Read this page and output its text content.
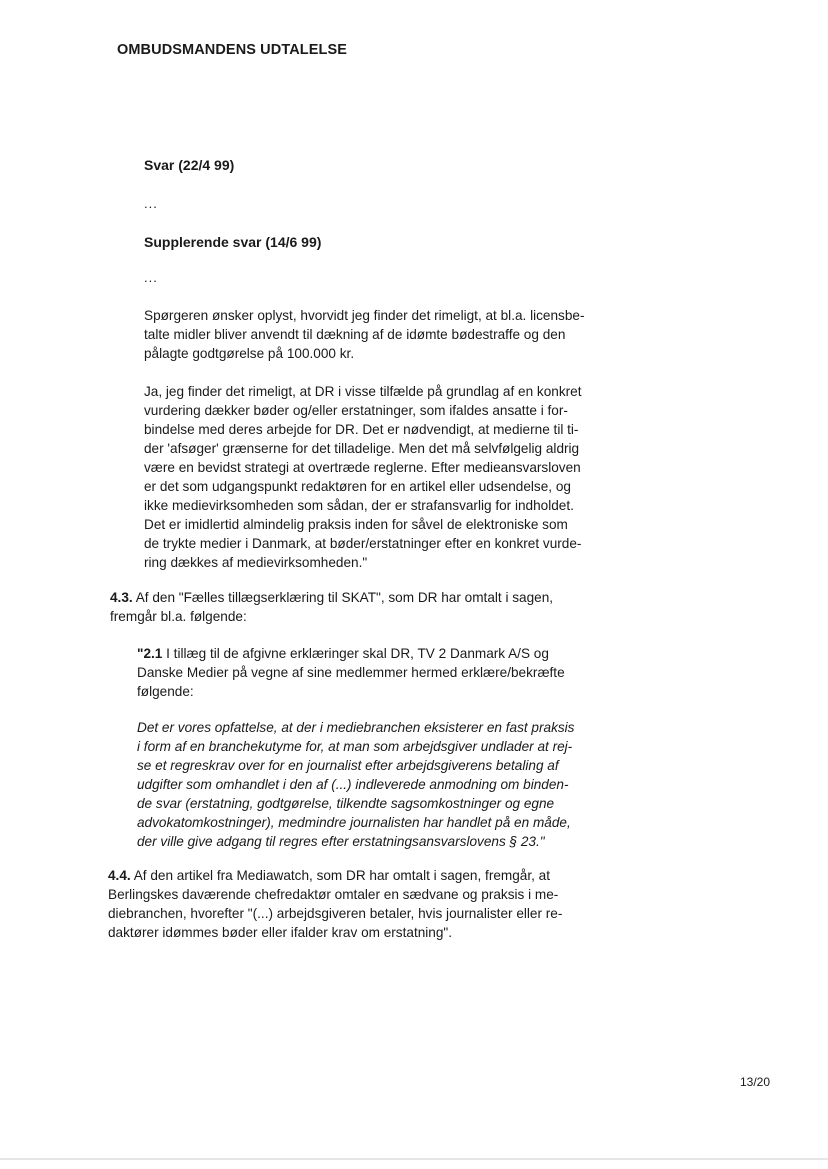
OMBUDSMANDENS UDTALELSE
Svar (22/4 99)
...
Supplerende svar (14/6 99)
...
Spørgeren ønsker oplyst, hvorvidt jeg finder det rimeligt, at bl.a. licensbe-
talte midler bliver anvendt til dækning af de idømte bødestraffe og den
pålagte godtgørelse på 100.000 kr.
Ja, jeg finder det rimeligt, at DR i visse tilfælde på grundlag af en konkret
vurdering dækker bøder og/eller erstatninger, som ifaldes ansatte i for-
bindelse med deres arbejde for DR. Det er nødvendigt, at medierne til ti-
der 'afsøger' grænserne for det tilladelige. Men det må selvfølgelig aldrig
være en bevidst strategi at overtræde reglerne. Efter medieansvarsloven
er det som udgangspunkt redaktøren for en artikel eller udsendelse, og
ikke medievirksomheden som sådan, der er strafansvarlig for indholdet.
Det er imidlertid almindelig praksis inden for såvel de elektroniske som
de trykte medier i Danmark, at bøder/erstatninger efter en konkret vurde-
ring dækkes af medievirksomheden."
4.3. Af den "Fælles tillægserklæring til SKAT", som DR har omtalt i sagen,
fremgår bl.a. følgende:
"2.1 I tillæg til de afgivne erklæringer skal DR, TV 2 Danmark A/S og
Danske Medier på vegne af sine medlemmer hermed erklære/bekræfte
følgende:
Det er vores opfattelse, at der i mediebranchen eksisterer en fast praksis
i form af en branchekutyme for, at man som arbejdsgiver undlader at rej-
se et regreskrav over for en journalist efter arbejdsgiverens betaling af
udgifter som omhandlet i den af (...) indleverede anmodning om binden-
de svar (erstatning, godtgørelse, tilkendte sagsomkostninger og egne
advokatomkostninger), medmindre journalisten har handlet på en måde,
der ville give adgang til regres efter erstatningsansvarslovens § 23."
4.4. Af den artikel fra Mediawatch, som DR har omtalt i sagen, fremgår, at
Berlingskes daværende chefredaktør omtaler en sædvane og praksis i me-
diebranchen, hvorefter "(...) arbejdsgiveren betaler, hvis journalister eller re-
daktører idømmes bøder eller ifalder krav om erstatning".
13/20
